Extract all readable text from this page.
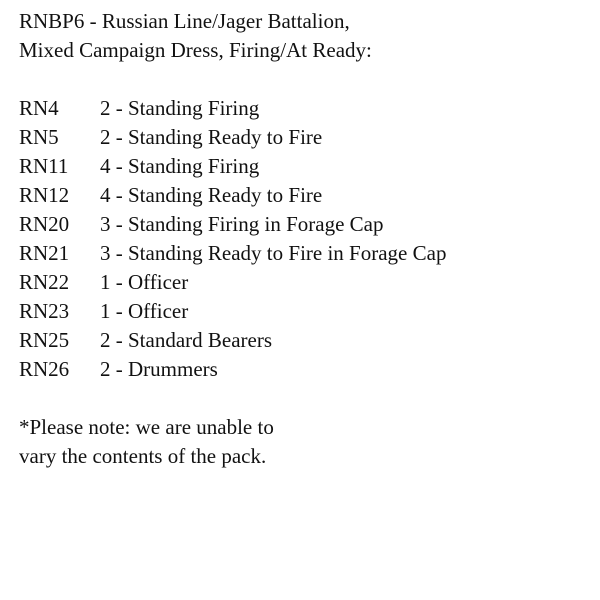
RNBP6 - Russian Line/Jager Battalion,
Mixed Campaign Dress, Firing/At Ready:
RN4	2 - Standing Firing
RN5	2 - Standing Ready to Fire
RN11	4 - Standing Firing
RN12	4 - Standing Ready to Fire
RN20	3 - Standing Firing in Forage Cap
RN21	3 - Standing Ready to Fire in Forage Cap
RN22	1 - Officer
RN23	1 - Officer
RN25	2 - Standard Bearers
RN26	2 - Drummers
*Please note: we are unable to
vary the contents of the pack.
